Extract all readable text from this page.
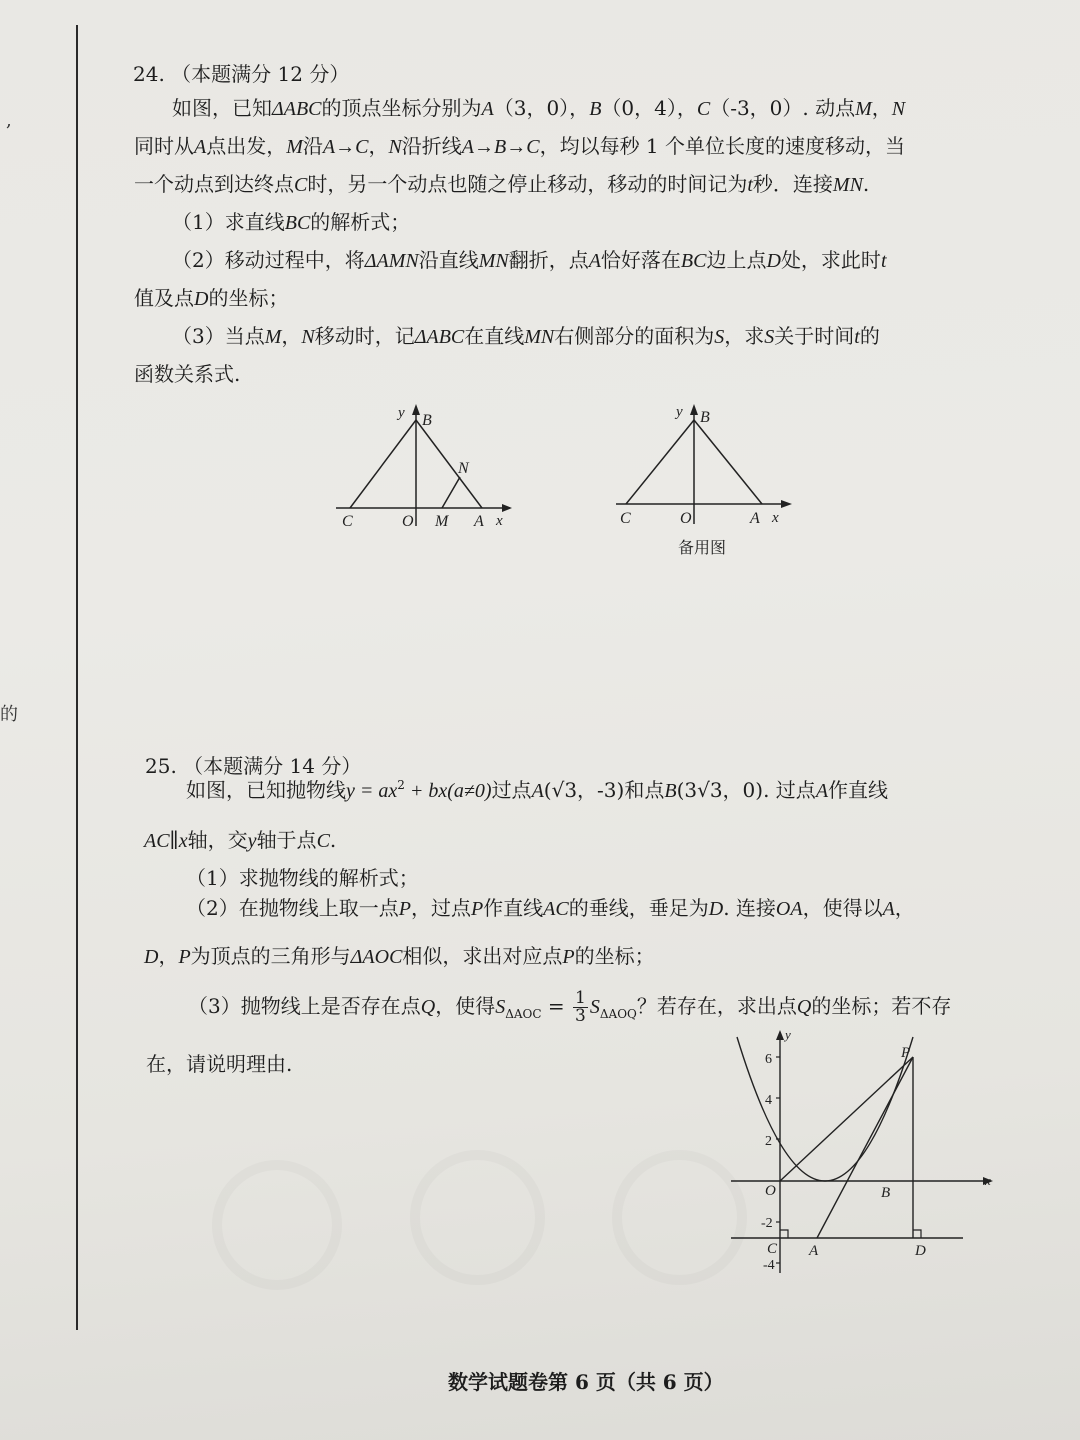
,
的
24. （本题满分 12 分）
如图，已知ΔABC的顶点坐标分别为A（3，0），B（0，4），C（-3，0）. 动点M，N
同时从A点出发，M沿A→C，N沿折线A→B→C，均以每秒 1 个单位长度的速度移动，当
一个动点到达终点C时，另一个动点也随之停止移动，移动的时间记为t秒．连接MN.
（1）求直线BC的解析式；
（2）移动过程中，将ΔAMN沿直线MN翻折，点A恰好落在BC边上点D处，求此时t
值及点D的坐标；
（3）当点M，N移动时，记ΔABC在直线MN右侧部分的面积为S，求S关于时间t的
函数关系式.
y B
N
C	O M A x
y B
C	O	A x
备用图
25. （本题满分 14 分）
如图，已知抛物线$y = ax^2 + bx(a\ne 0)$过点A(√3，-3)和点B(3√3，0). 过点A作直线
AC∥x轴，交y轴于点C.
（1）求抛物线的解析式；
（2）在抛物线上取一点P，过点P作直线AC的垂线，垂足为D. 连接OA，使得以A，
D，P为顶点的三角形与ΔAOC相似，求出对应点P的坐标；
（3）抛物线上是否存在点Q，使得$S_{\Delta AOC} = \frac{1}{3} S_{\Delta AOQ}$？若存在，求出点Q的坐标；若不存
在，请说明理由.
y
6
4
2
-2
-4
P
O	B
x
C A	D
数学试题卷第 6 页（共 6 页）
